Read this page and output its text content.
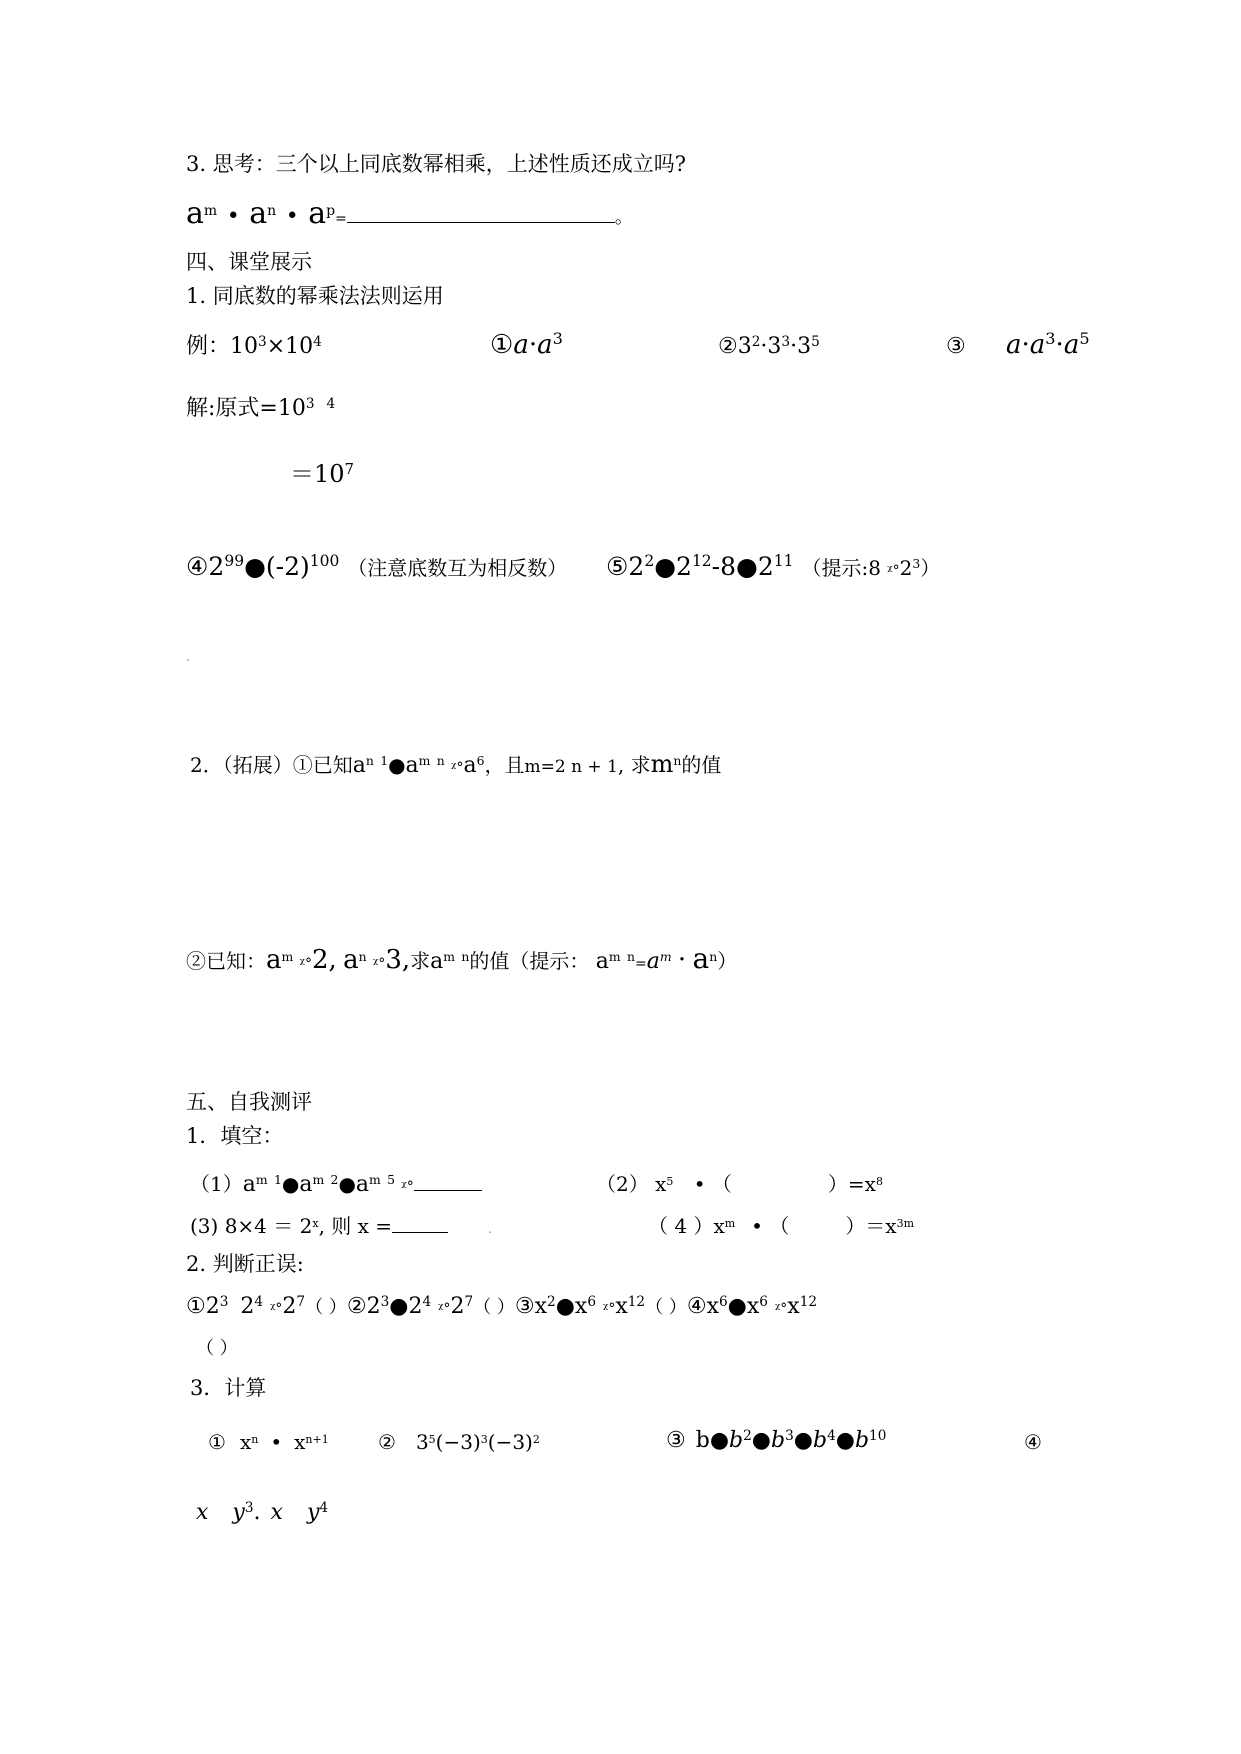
3. 思考：三个以上同底数幂相乘，上述性质还成立吗?
$a^m$ • $a^n$ • $a^p=$	。
四、课堂展示
1. 同底数的幂乘法法则运用
例：$10^3\times 10^4$	$①a\cdot a^3$	$②3^2\cdot 3^3\cdot 3^5$	③ $a\cdot a^3\cdot a^5$
解:原式$=10^3$ $^4$
$=10^7$
$④2^{99}●(-2)^{100}$ （注意底数互为相反数） $⑤2^2●2^{12}-8●2^{11}$ （提示:8 $ᵡ^\circ 2^3$）
.
2．（拓展）①已知$a^n$ $^1●a^m$ $^n$ $ᵡ^\circ a^6$，且m=2 n + 1, 求$m^n$的值
②已知：$a^m$ ᵡ°2, $a^n$ ᵡ°3,求$a^m$ $^n$的值（提示： $a^m$ $^n=a^m \cdot a^n$）
五、自我测评
1．填空：
$(1)a^m$ $^1●a^m$ $^2●a^m$ $^5$ ᵡ°	（2） $x^5$ • （	）$=x^8$
(3) $8\times 4 = 2^x$, 则 x =	.	（ 4 ）$x^m$ • （	）$=x^{3m}$
2. 判断正误:
$①2^3$ $2^4$ $ᵡ^\circ 2^7$（ ）$②2^3●2^4$ $ᵡ^\circ 2^7$（ ）$③x^2●x^6$ $ᵡ^\circ x^{12}$（ ）$④x^6●x^6$ $ᵡ^\circ x^{12}$
（ ）
3．计算
① $x^n$ • $x^{n+1}$ ② $3^5(-3)^3(-3)^2$	③ $b●b^2●b^3●b^4●b^{10}$	④
x $y^3$. x $y^4$
